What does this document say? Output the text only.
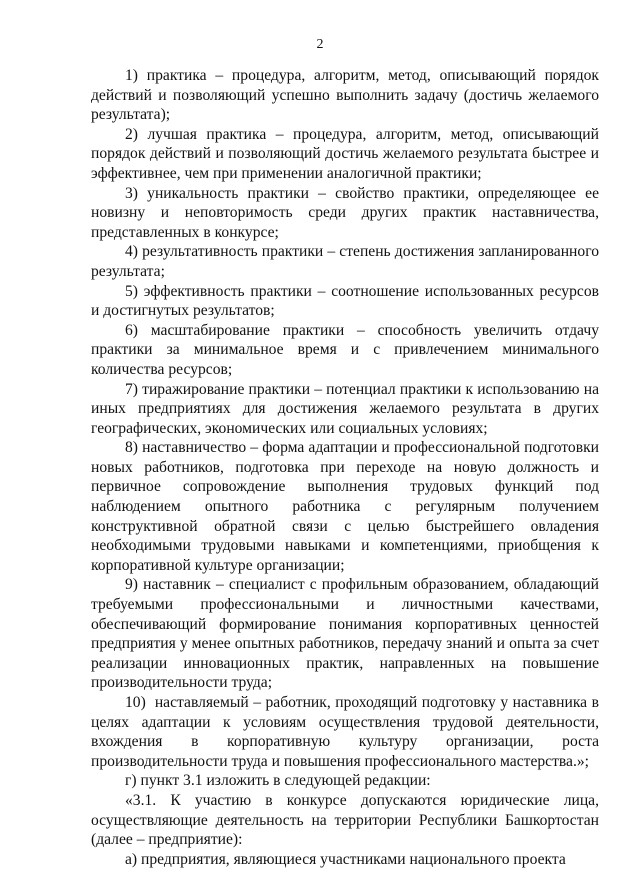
2

1) практика – процедура, алгоритм, метод, описывающий порядок действий и позволяющий успешно выполнить задачу (достичь желаемого результата);

2) лучшая практика – процедура, алгоритм, метод, описывающий порядок действий и позволяющий достичь желаемого результата быстрее и эффективнее, чем при применении аналогичной практики;

3) уникальность практики – свойство практики, определяющее ее новизну и неповторимость среди других практик наставничества, представленных в конкурсе;

4) результативность практики – степень достижения запланированного результата;

5) эффективность практики – соотношение использованных ресурсов и достигнутых результатов;

6) масштабирование практики – способность увеличить отдачу практики за минимальное время и с привлечением минимального количества ресурсов;

7) тиражирование практики – потенциал практики к использованию на иных предприятиях для достижения желаемого результата в других географических, экономических или социальных условиях;

8) наставничество – форма адаптации и профессиональной подготовки новых работников, подготовка при переходе на новую должность и первичное сопровождение выполнения трудовых функций под наблюдением опытного работника с регулярным получением конструктивной обратной связи с целью быстрейшего овладения необходимыми трудовыми навыками и компетенциями, приобщения к корпоративной культуре организации;

9) наставник – специалист с профильным образованием, обладающий требуемыми профессиональными и личностными качествами, обеспечивающий формирование понимания корпоративных ценностей предприятия у менее опытных работников, передачу знаний и опыта за счет реализации инновационных практик, направленных на повышение производительности труда;

10)  наставляемый – работник, проходящий подготовку у наставника в целях адаптации к условиям осуществления трудовой деятельности, вхождения в корпоративную культуру организации, роста производительности труда и повышения профессионального мастерства.»;

г) пункт 3.1 изложить в следующей редакции:

«3.1. К участию в конкурсе допускаются юридические лица, осуществляющие деятельность на территории Республики Башкортостан (далее – предприятие):

а) предприятия, являющиеся участниками национального проекта
